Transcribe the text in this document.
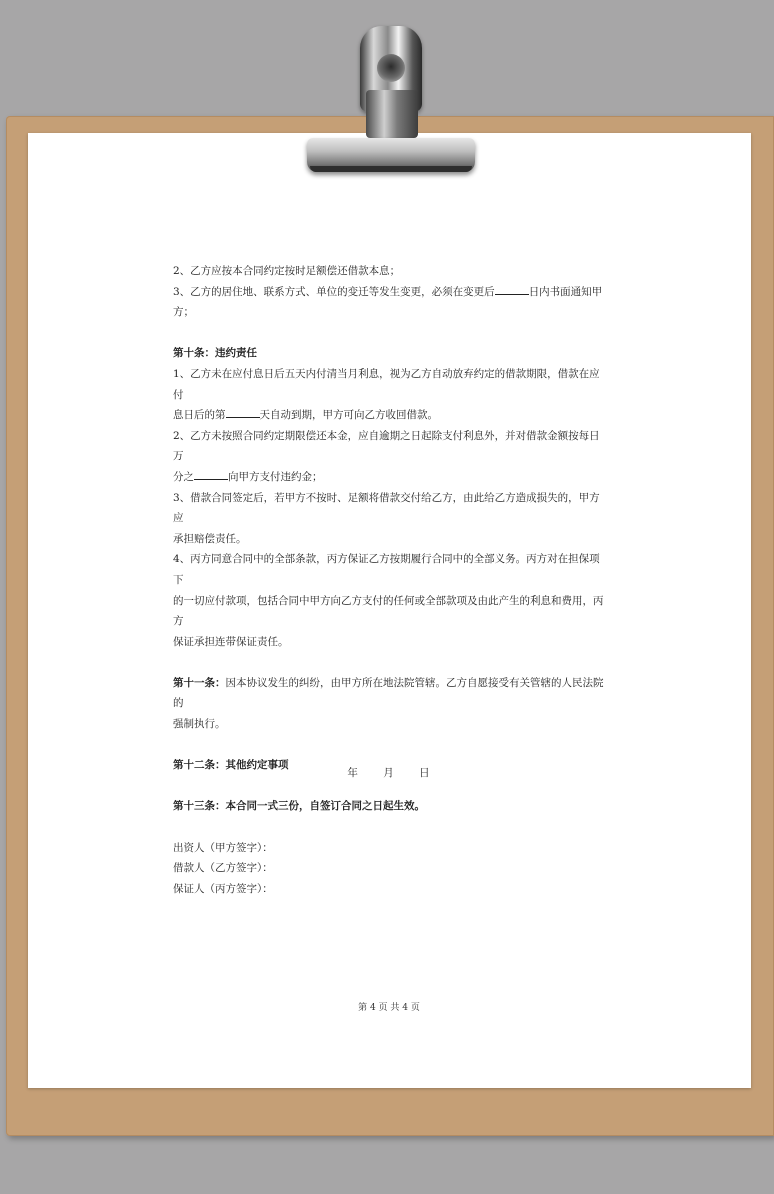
2、乙方应按本合同约定按时足额偿还借款本息；

3、乙方的居住地、联系方式、单位的变迁等发生变更，必须在变更后	日内书面通知甲方；

第十条：违约责任

1、乙方未在应付息日后五天内付清当月利息，视为乙方自动放弃约定的借款期限，借款在应付

息日后的第	天自动到期，甲方可向乙方收回借款。

2、乙方未按照合同约定期限偿还本金，应自逾期之日起除支付利息外，并对借款金额按每日万

分之	向甲方支付违约金；

3、借款合同签定后，若甲方不按时、足额将借款交付给乙方，由此给乙方造成损失的，甲方应

承担赔偿责任。

4、丙方同意合同中的全部条款，丙方保证乙方按期履行合同中的全部义务。丙方对在担保项下

的一切应付款项，包括合同中甲方向乙方支付的任何或全部款项及由此产生的利息和费用，丙方

保证承担连带保证责任。

第十一条：因本协议发生的纠纷，由甲方所在地法院管辖。乙方自愿接受有关管辖的人民法院的

强制执行。

第十二条：其他约定事项

第十三条：本合同一式三份，自签订合同之日起生效。

出资人（甲方签字）：

借款人（乙方签字）：

保证人（丙方签字）：

年 月 日
第 4 页 共 4 页
